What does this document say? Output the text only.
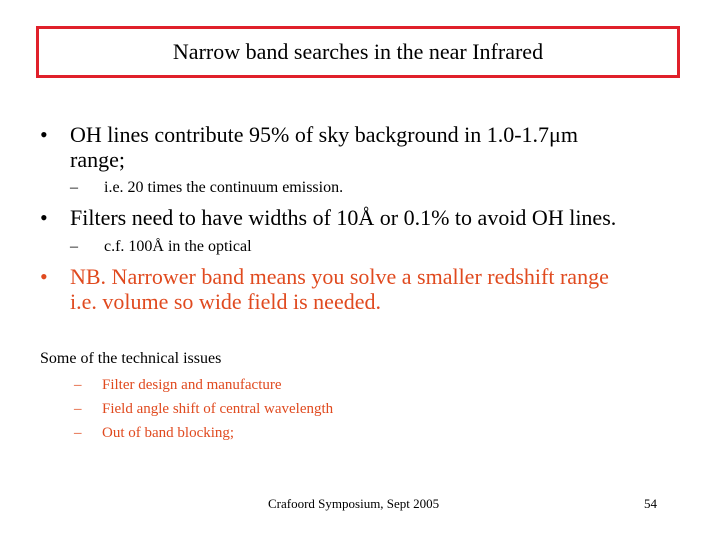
Narrow band searches in the near Infrared
•	OH lines contribute 95% of sky background in 1.0-1.7μm
range;
–	i.e. 20 times the continuum emission.
•	Filters need to have widths of 10Å or 0.1% to avoid OH lines.
–	c.f. 100Å in the optical
•	NB. Narrower band means you solve a smaller redshift range
i.e. volume so wide field is needed.
Some of the technical issues
–	Filter design and manufacture
–	Field angle shift of central wavelength
–	Out of band blocking;
Crafoord Symposium, Sept 2005	54
